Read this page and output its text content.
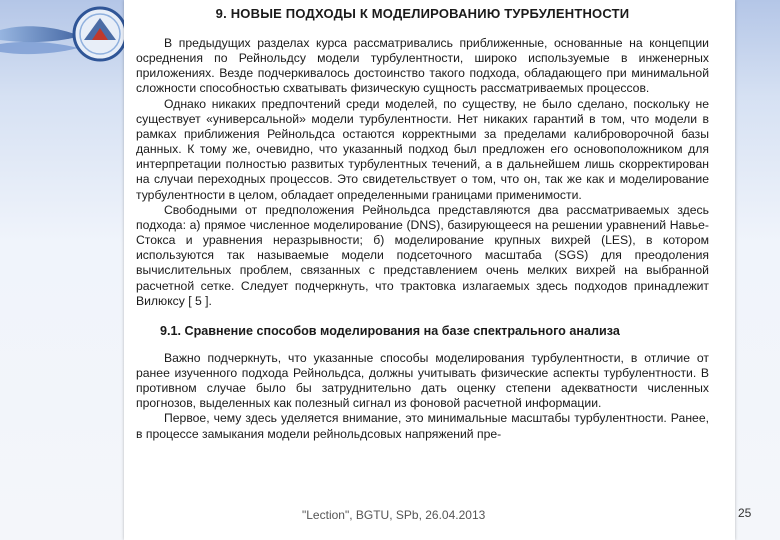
9. НОВЫЕ ПОДХОДЫ К МОДЕЛИРОВАНИЮ ТУРБУЛЕНТНОСТИ

В предыдущих разделах курса рассматривались приближенные, основанные на концепции осреднения по Рейнольдсу модели турбулентности, широко используемые в инженерных приложениях. Везде подчеркивалось достоинство такого подхода, обладающего при минимальной сложности способностью схватывать физическую сущность рассматриваемых процессов.

Однако никаких предпочтений среди моделей, по существу, не было сделано, поскольку не существует «универсальной» модели турбулентности. Нет никаких гарантий в том, что модели в рамках приближения Рейнольдса остаются корректными за пределами калиброворочной базы данных. К тому же, очевидно, что указанный подход был предложен его основоположником для интерпретации полностью развитых турбулентных течений, а в дальнейшем лишь скорректирован на случаи переходных процессов. Это свидетельствует о том, что он, так же как и моделирование турбулентности в целом, обладает определенными границами применимости.

Свободными от предположения Рейнольдса представляются два рассматриваемых здесь подхода: а) прямое численное моделирование (DNS), базирующееся на решении уравнений Навье-Стокса и уравнения неразрывности; б) моделирование крупных вихрей (LES), в котором используются так называемые модели подсеточного масштаба (SGS) для преодоления вычислительных проблем, связанных с представлением очень мелких вихрей на выбранной расчетной сетке. Следует подчеркнуть, что трактовка излагаемых здесь подходов принадлежит Вилюксу [ 5 ].

9.1. Сравнение способов моделирования на базе спектрального анализа

Важно подчеркнуть, что указанные способы моделирования турбулентности, в отличие от ранее изученного подхода Рейнольдса, должны учитывать физические аспекты турбулентности. В противном случае было бы затруднительно дать оценку степени адекватности численных прогнозов, выделенных как полезный сигнал из фоновой расчетной информации.

Первое, чему здесь уделяется внимание, это минимальные масштабы турбулентности. Ранее, в процессе замыкания модели рейнольдсовых напряжений пре-

"Lection", BGTU, SPb, 26.04.2013	25
